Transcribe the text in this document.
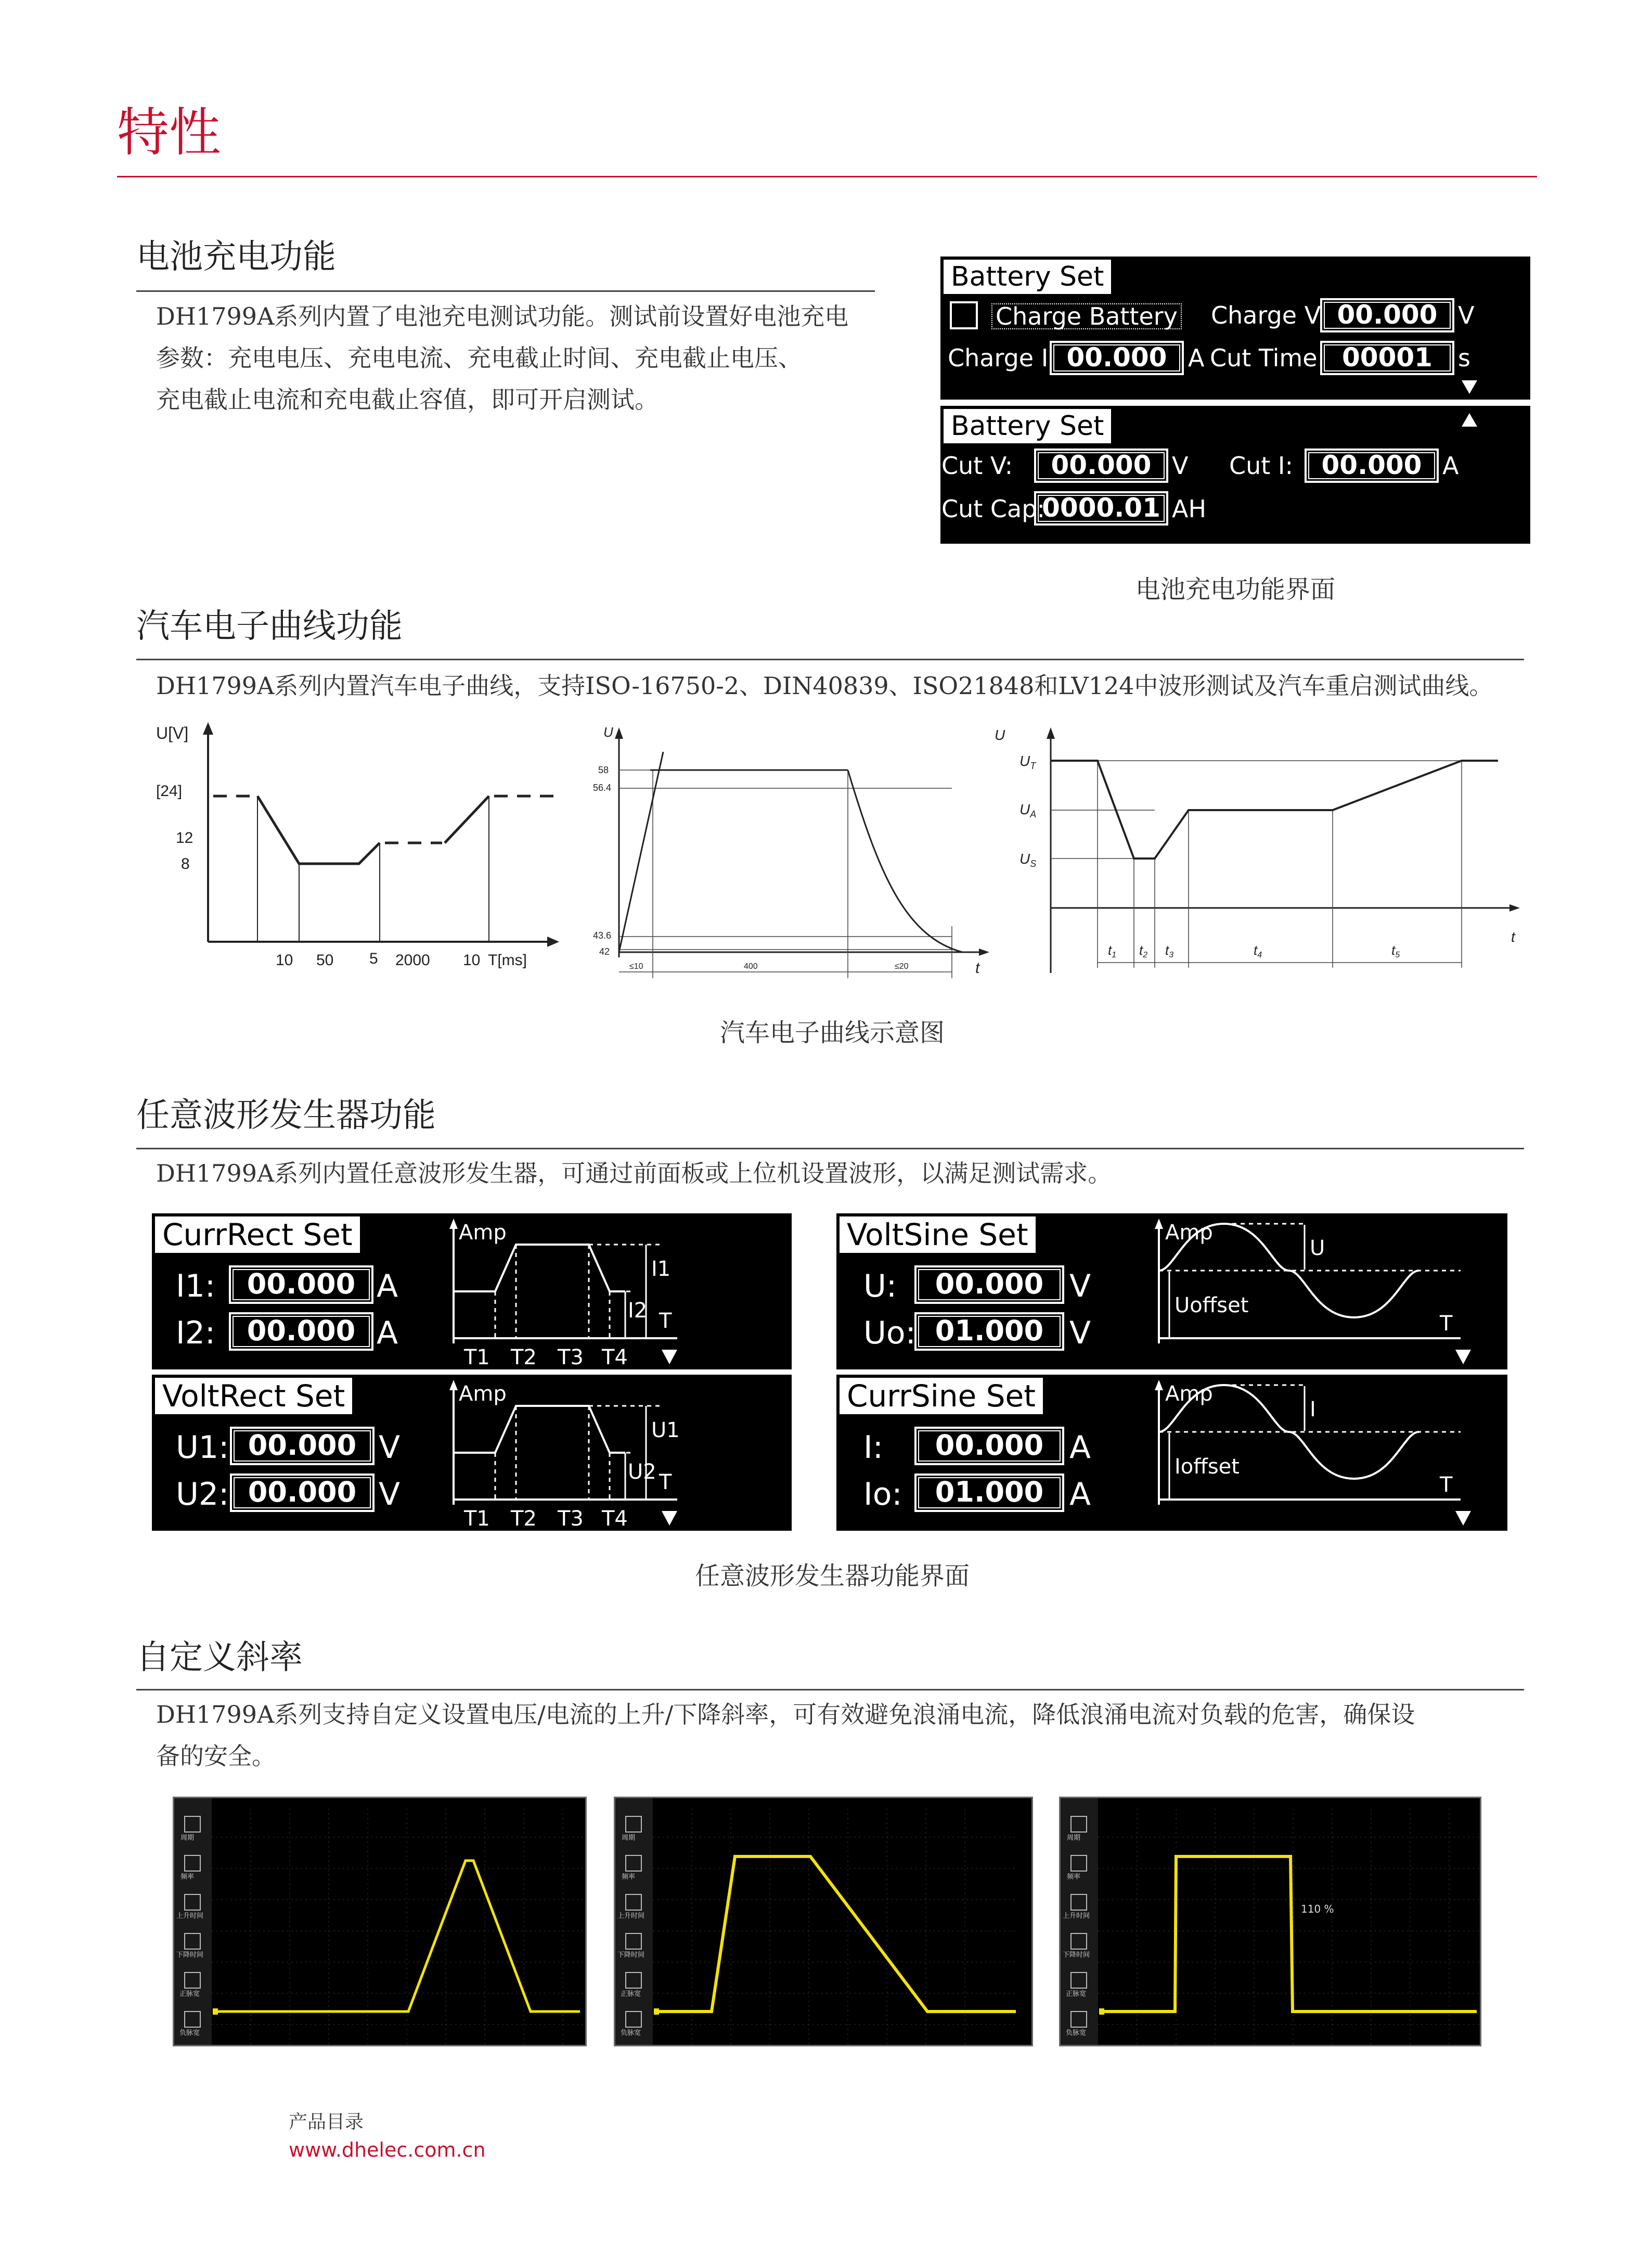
特性
电池充电功能
DH1799A系列内置了电池充电测试功能。测试前设置好电池充电
参数：充电电压、充电电流、充电截止时间、充电截止电压、
充电截止电流和充电截止容值，即可开启测试。
Battery Set
Charge Battery Charge V: 00.000 V
Charge I: 00.000 A Cut Time: 00001	s
Battery Set
Cut V:	00.000 V Cut I:	00.000 A
Cut Cap:
0000.01 AH
电池充电功能界面
汽车电子曲线功能
DH1799A系列内置汽车电子曲线，支持ISO-16750-2、DIN40839、ISO21848和LV124中波形测试及汽车重启测试曲线。
U[V]
[24]
12
8
10 50 5 2000 10 T[ms]
U
58
56.4
43.6
42
≤10	400	≤20	t
U
$U_T$
$U_A$
$U_S$
t1 t2 t3	t4	t5
t
汽车电子曲线示意图
任意波形发生器功能
DH1799A系列内置任意波形发生器，可通过前面板或上位机设置波形，以满足测试需求。
CurrRect Set
I1:	00.000 A
I2:	00.000 A
Amp
I1
I2 T
T1 T2 T3 T4
VoltSine Set
U:	00.000 V
Uo: 01.000 V
Amp
U
Uoffset
T
VoltRect Set
U1: 00.000 V
U2: 00.000 V
Amp
U1
U2 T
T1 T2 T3 T4
CurrSine Set
I:	00.000 A
Io:	01.000 A
Amp
I
Ioffset
T
任意波形发生器功能界面
自定义斜率
DH1799A系列支持自定义设置电压/电流的上升/下降斜率，可有效避免浪涌电流，降低浪涌电流对负载的危害，确保设
备的安全。
周期
频率
上升时间
下降时间
正脉宽
负脉宽
周期
频率
上升时间
下降时间
正脉宽
负脉宽
周期
频率
上升时间
下降时间
正脉宽
负脉宽
110 %
产品目录
www.dhelec.com.cn
